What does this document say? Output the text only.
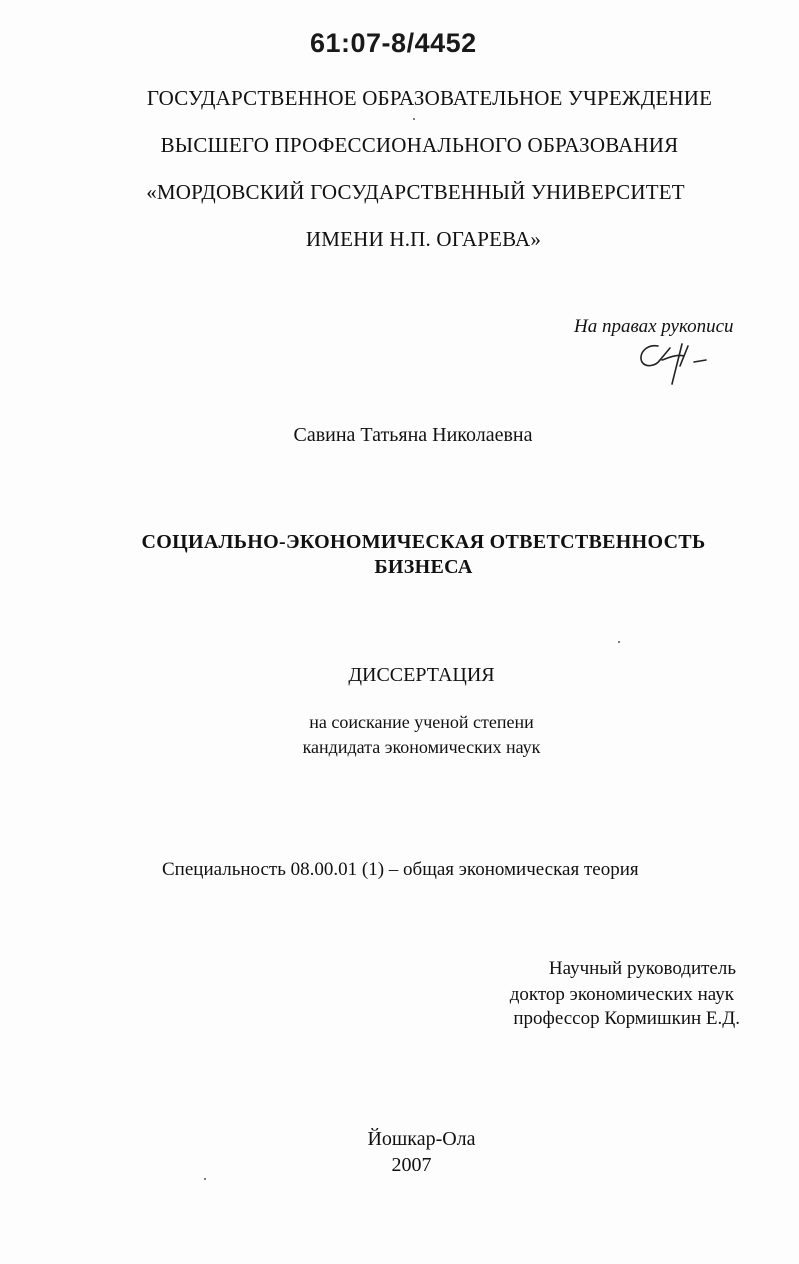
61:07-8/4452
ГОСУДАРСТВЕННОЕ ОБРАЗОВАТЕЛЬНОЕ УЧРЕЖДЕНИЕ
ВЫСШЕГО ПРОФЕССИОНАЛЬНОГО ОБРАЗОВАНИЯ
«МОРДОВСКИЙ ГОСУДАРСТВЕННЫЙ УНИВЕРСИТЕТ
ИМЕНИ Н.П. ОГАРЕВА»
На правах рукописи
Савина Татьяна Николаевна
СОЦИАЛЬНО-ЭКОНОМИЧЕСКАЯ ОТВЕТСТВЕННОСТЬ
БИЗНЕСА
ДИССЕРТАЦИЯ
на соискание ученой степени
кандидата экономических наук
Специальность 08.00.01 (1) – общая экономическая теория
Научный руководитель
доктор экономических наук
профессор Кормишкин Е.Д.
Йошкар-Ола
2007
